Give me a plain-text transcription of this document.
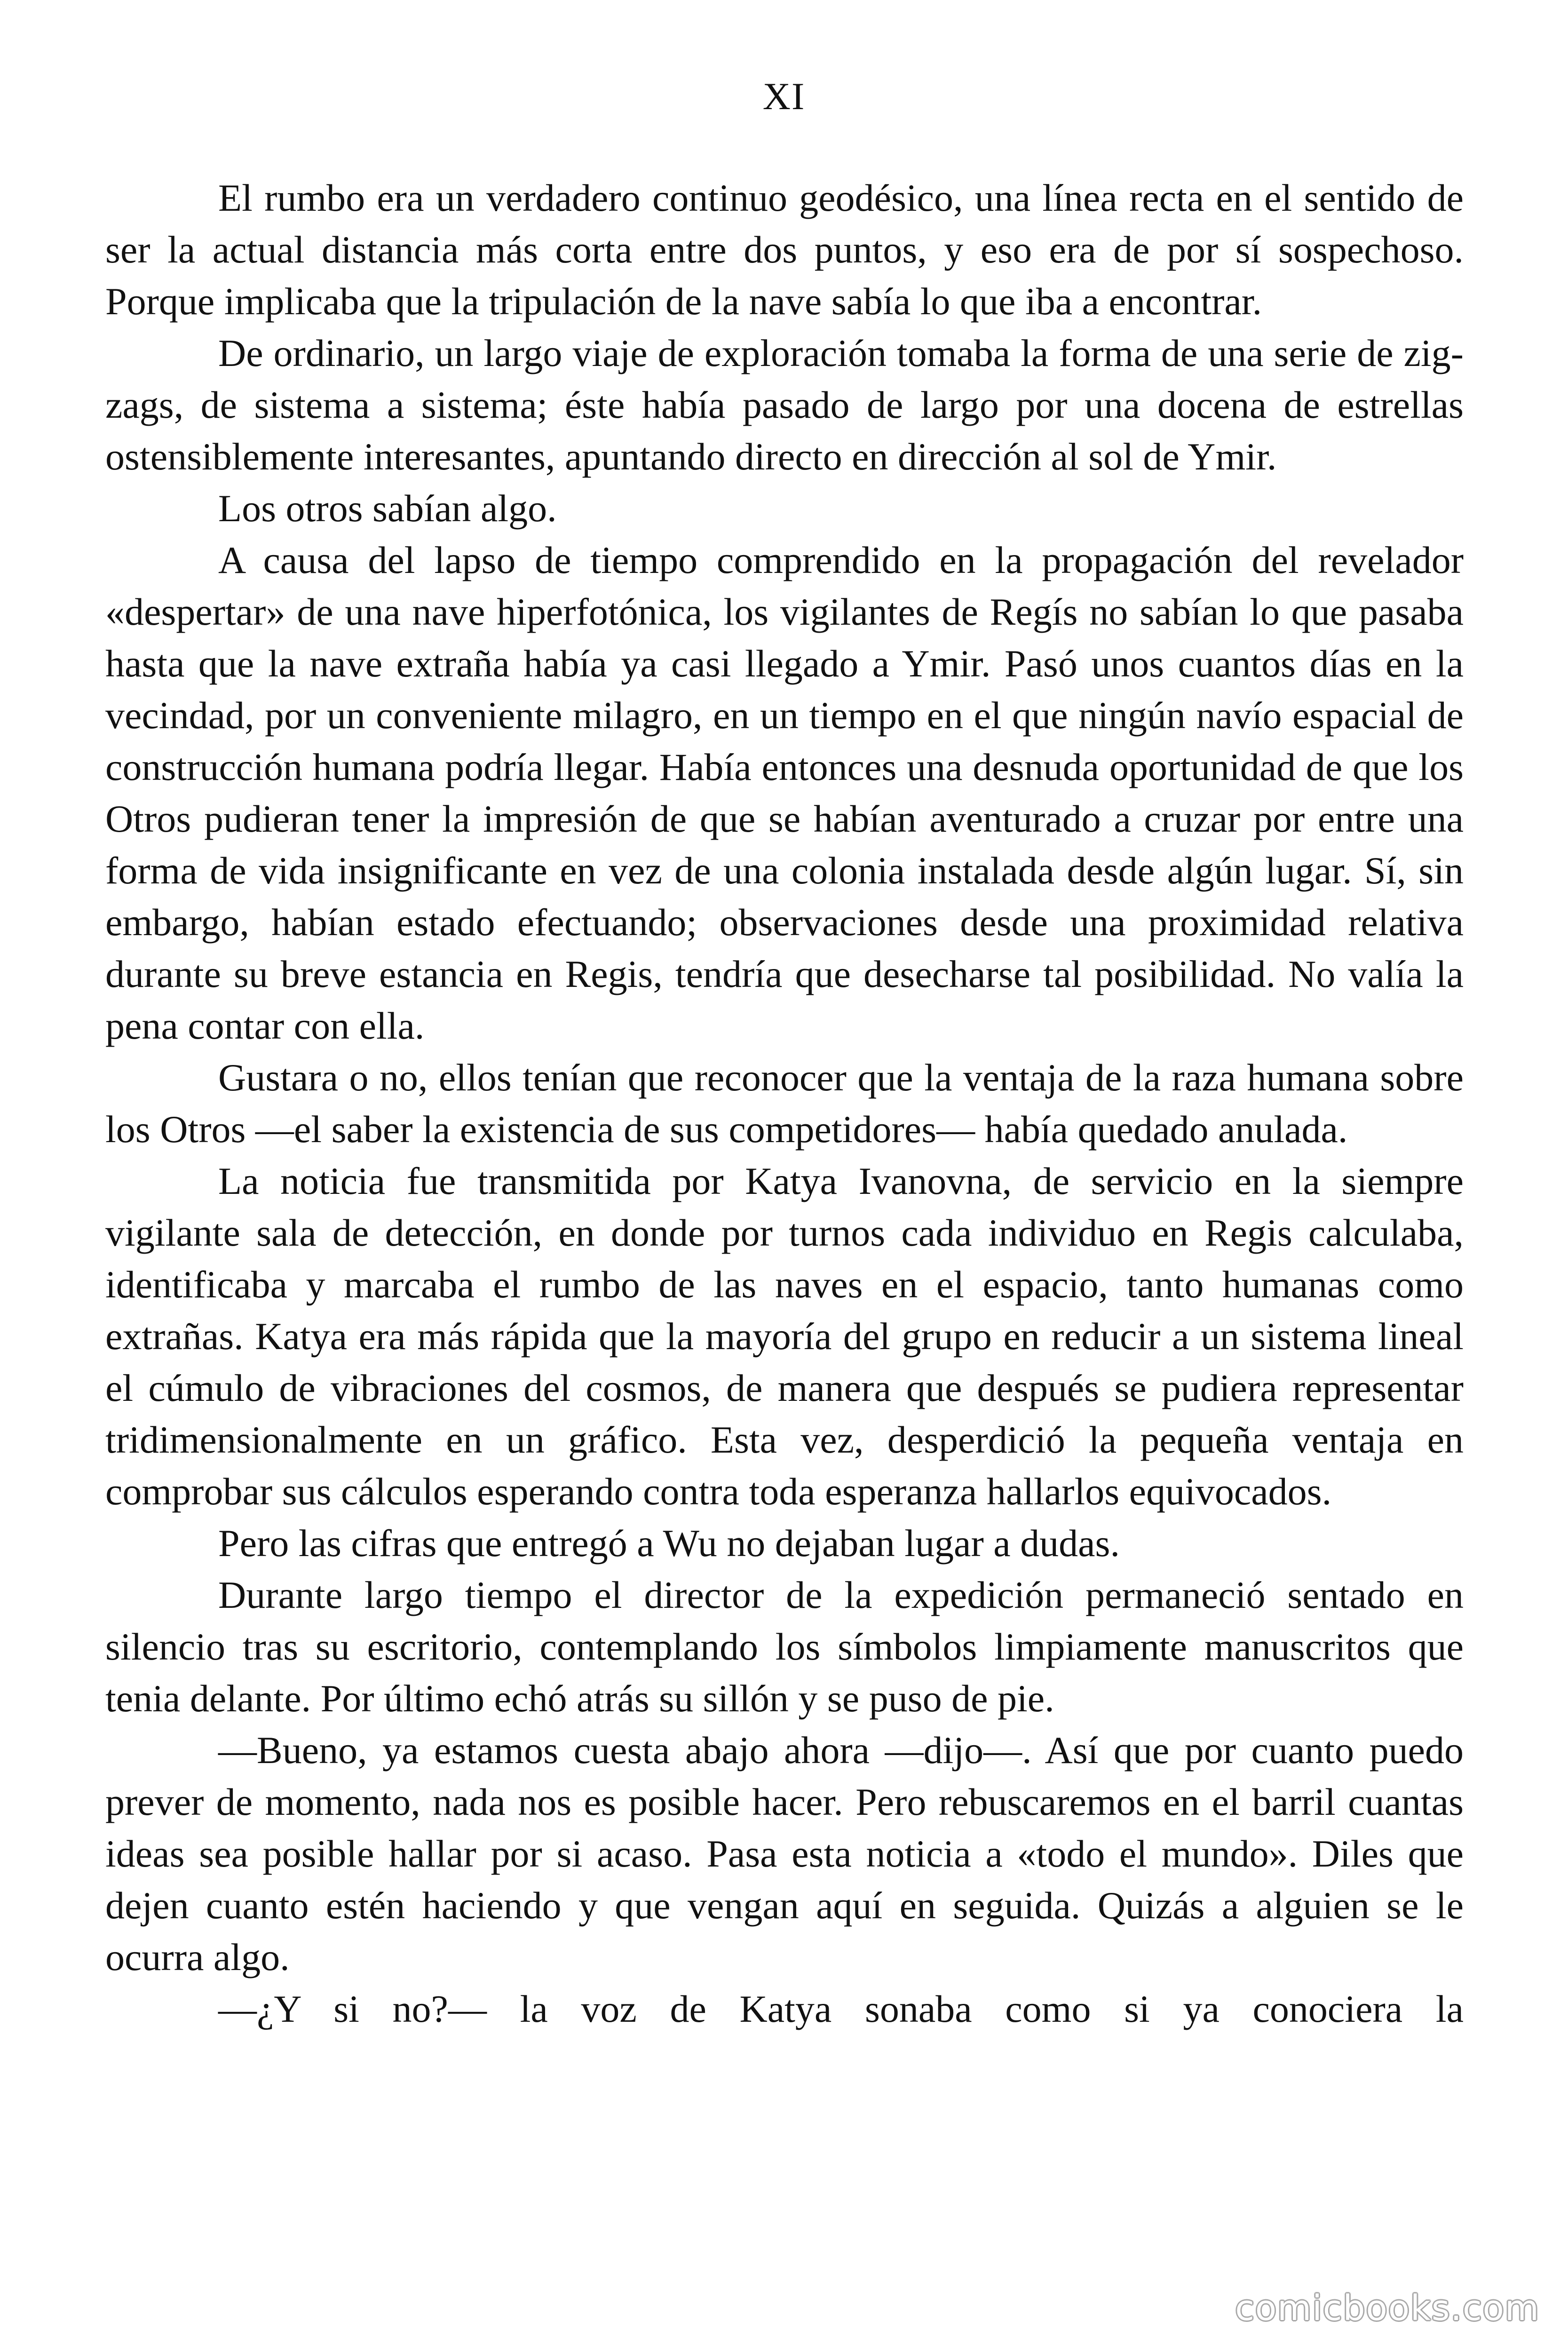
XI

El rumbo era un verdadero continuo geodésico, una línea recta en el sentido de ser la actual distancia más corta entre dos puntos, y eso era de por sí sospechoso. Porque implicaba que la tripulación de la nave sabía lo que iba a encontrar.

De ordinario, un largo viaje de exploración tomaba la forma de una serie de zig-zags, de sistema a sistema; éste había pasado de largo por una docena de estrellas ostensiblemente interesantes, apuntando directo en dirección al sol de Ymir.

Los otros sabían algo.

A causa del lapso de tiempo comprendido en la propagación del revelador «despertar» de una nave hiperfotónica, los vigilantes de Regís no sabían lo que pasaba hasta que la nave extraña había ya casi llegado a Ymir. Pasó unos cuantos días en la vecindad, por un conveniente milagro, en un tiempo en el que ningún navío espacial de construcción humana podría llegar. Había entonces una desnuda oportunidad de que los Otros pudieran tener la impresión de que se habían aventurado a cruzar por entre una forma de vida insignificante en vez de una colonia instalada desde algún lugar. Sí, sin embargo, habían estado efectuando; observaciones desde una proximidad relativa durante su breve estancia en Regis, tendría que desecharse tal posibilidad. No valía la pena contar con ella.

Gustara o no, ellos tenían que reconocer que la ventaja de la raza humana sobre los Otros —el saber la existencia de sus competidores— había quedado anulada.

La noticia fue transmitida por Katya Ivanovna, de servicio en la siempre vigilante sala de detección, en donde por turnos cada individuo en Regis calculaba, identificaba y marcaba el rumbo de las naves en el espacio, tanto humanas como extrañas. Katya era más rápida que la mayoría del grupo en reducir a un sistema lineal el cúmulo de vibraciones del cosmos, de manera que después se pudiera representar tridimensionalmente en un gráfico. Esta vez, desperdició la pequeña ventaja en comprobar sus cálculos esperando contra toda esperanza hallarlos equivocados.

Pero las cifras que entregó a Wu no dejaban lugar a dudas.

Durante largo tiempo el director de la expedición permaneció sentado en silencio tras su escritorio, contemplando los símbolos limpiamente manuscritos que tenia delante. Por último echó atrás su sillón y se puso de pie.

—Bueno, ya estamos cuesta abajo ahora —dijo—. Así que por cuanto puedo prever de momento, nada nos es posible hacer. Pero rebuscaremos en el barril cuantas ideas sea posible hallar por si acaso. Pasa esta noticia a «todo el mundo». Diles que dejen cuanto estén haciendo y que vengan aquí en seguida. Quizás a alguien se le ocurra algo.

—¿Y si no?— la voz de Katya sonaba como si ya conociera la

comicbooks.com
